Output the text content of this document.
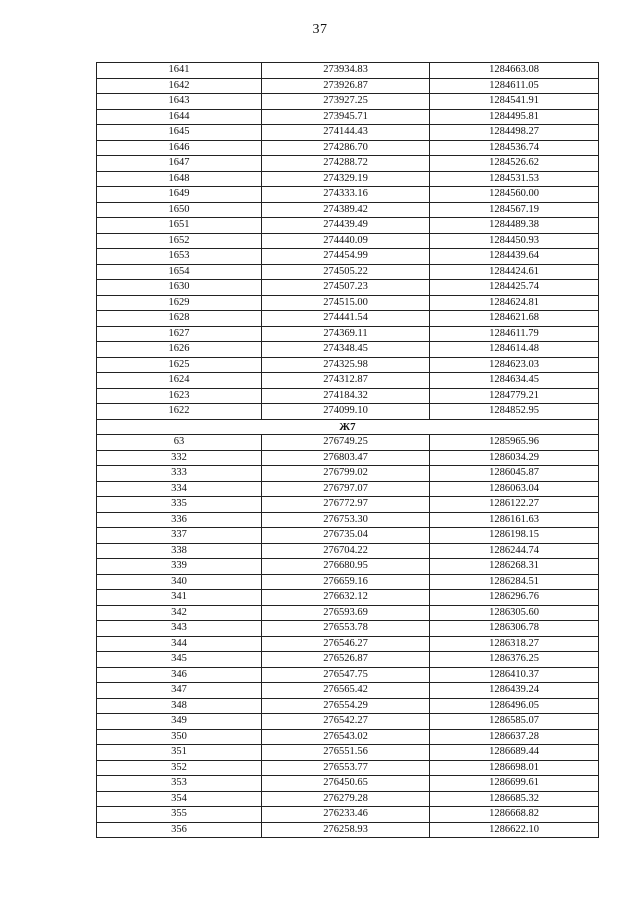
37
1641	273934.83	1284663.08
1642	273926.87	1284611.05
1643	273927.25	1284541.91
1644	273945.71	1284495.81
1645	274144.43	1284498.27
1646	274286.70	1284536.74
1647	274288.72	1284526.62
1648	274329.19	1284531.53
1649	274333.16	1284560.00
1650	274389.42	1284567.19
1651	274439.49	1284489.38
1652	274440.09	1284450.93
1653	274454.99	1284439.64
1654	274505.22	1284424.61
1630	274507.23	1284425.74
1629	274515.00	1284624.81
1628	274441.54	1284621.68
1627	274369.11	1284611.79
1626	274348.45	1284614.48
1625	274325.98	1284623.03
1624	274312.87	1284634.45
1623	274184.32	1284779.21
1622	274099.10	1284852.95
Ж7		
63	276749.25	1285965.96
332	276803.47	1286034.29
333	276799.02	1286045.87
334	276797.07	1286063.04
335	276772.97	1286122.27
336	276753.30	1286161.63
337	276735.04	1286198.15
338	276704.22	1286244.74
339	276680.95	1286268.31
340	276659.16	1286284.51
341	276632.12	1286296.76
342	276593.69	1286305.60
343	276553.78	1286306.78
344	276546.27	1286318.27
345	276526.87	1286376.25
346	276547.75	1286410.37
347	276565.42	1286439.24
348	276554.29	1286496.05
349	276542.27	1286585.07
350	276543.02	1286637.28
351	276551.56	1286689.44
352	276553.77	1286698.01
353	276450.65	1286699.61
354	276279.28	1286685.32
355	276233.46	1286668.82
356	276258.93	1286622.10
